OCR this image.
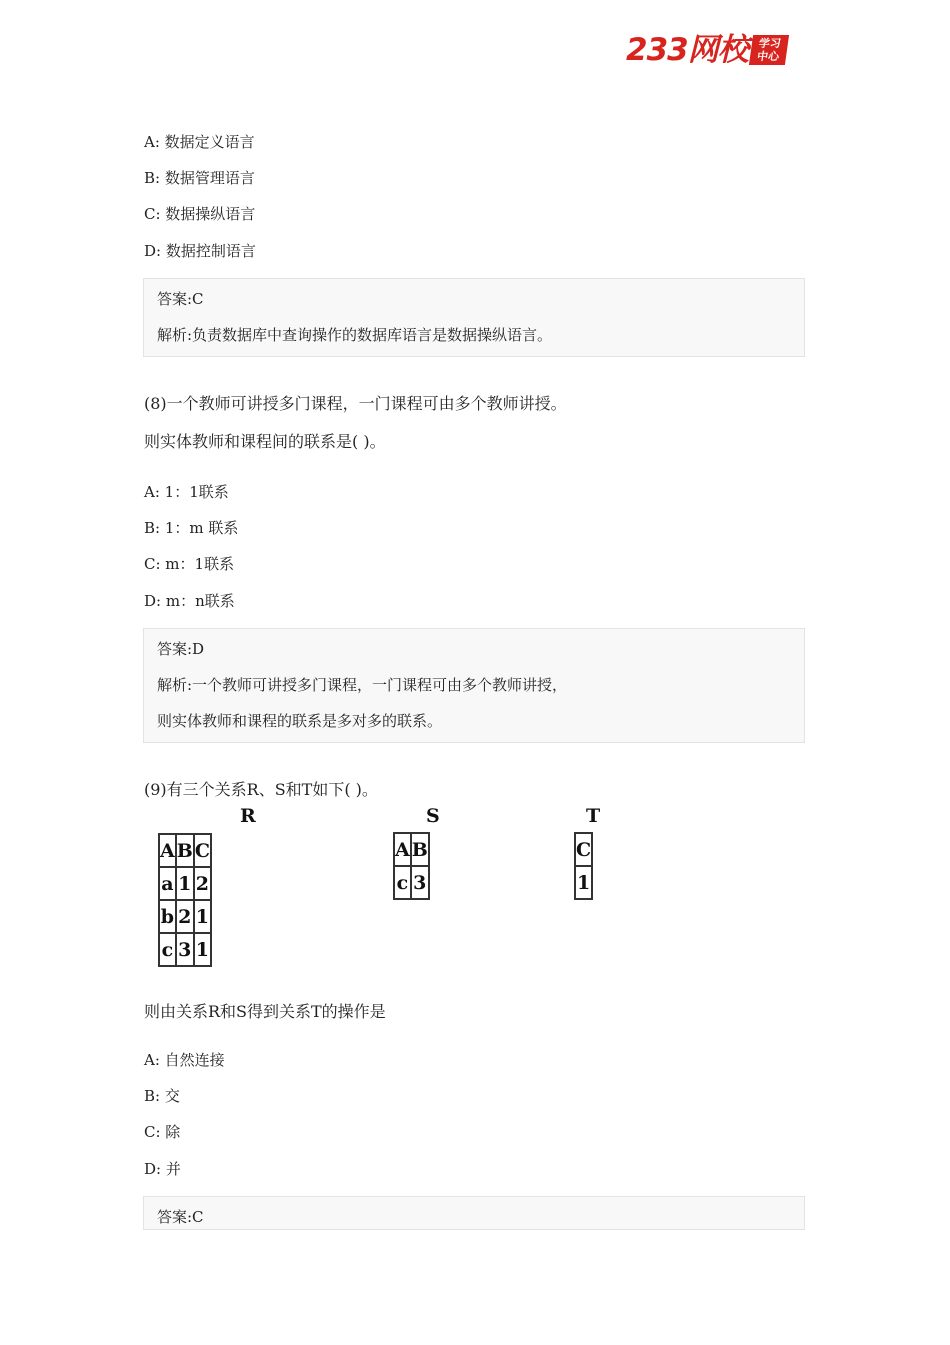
233网校 学习
中心
A: 数据定义语言
B: 数据管理语言
C: 数据操纵语言
D: 数据控制语言
答案:C
解析:负责数据库中查询操作的数据库语言是数据操纵语言。
(8)一个教师可讲授多门课程，一门课程可由多个教师讲授。
则实体教师和课程间的联系是( )。
A: 1：1联系
B: 1：m 联系
C: m：1联系
D: m：n联系
答案:D
解析:一个教师可讲授多门课程，一门课程可由多个教师讲授，
则实体教师和课程的联系是多对多的联系。
(9)有三个关系R、S和T如下( )。
R
A	B	C
a	1	2
b	2	1
c	3	1
S
A	B
c	3
T
C
1
则由关系R和S得到关系T的操作是
A: 自然连接
B: 交
C: 除
D: 并
答案:C
